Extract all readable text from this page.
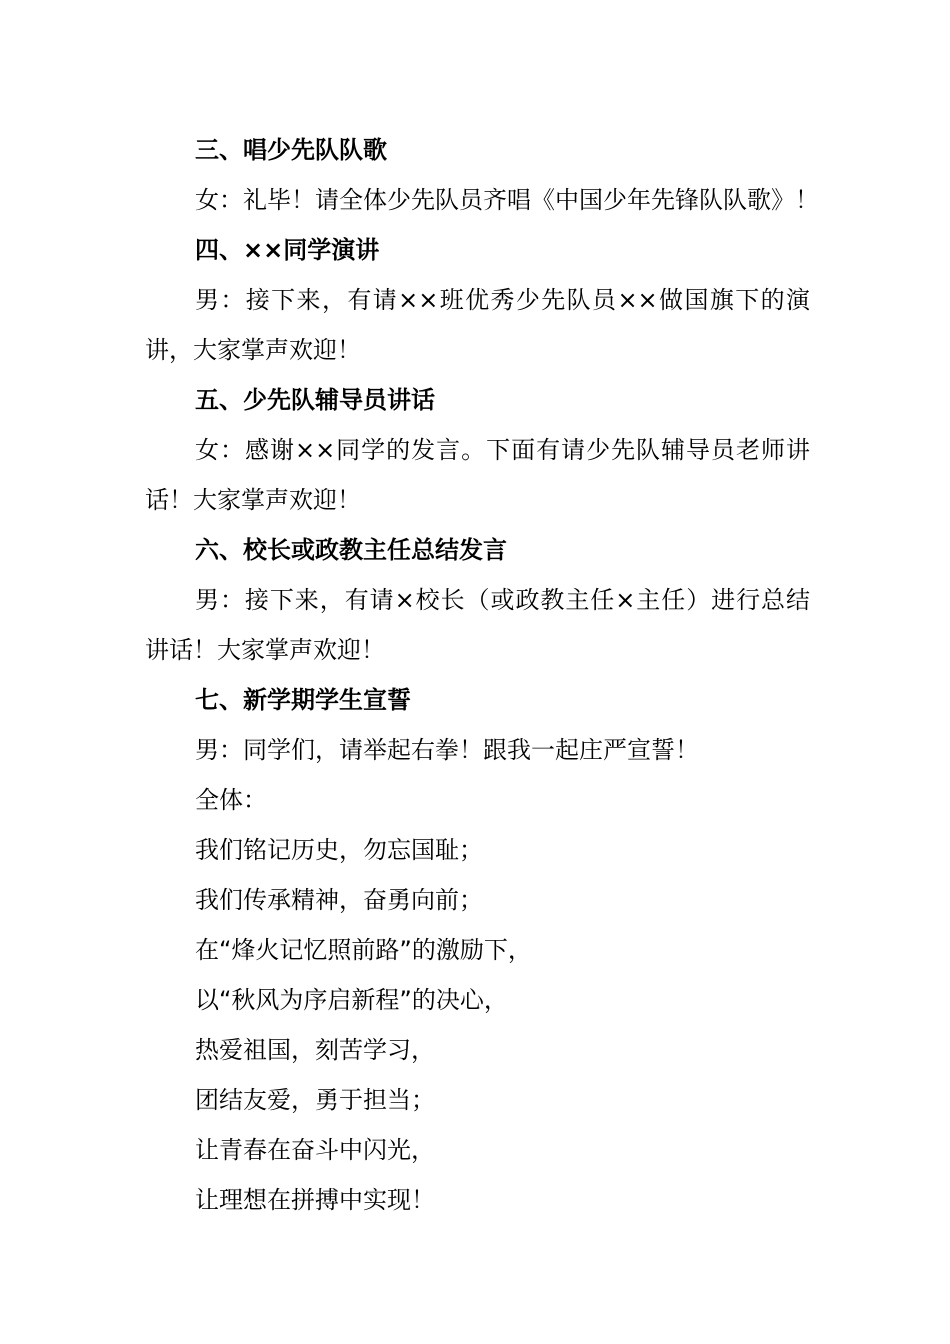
三、唱少先队队歌
女：礼毕！请全体少先队员齐唱《中国少年先锋队队歌》！
四、××同学演讲
男：接下来，有请××班优秀少先队员××做国旗下的演讲，大家掌声欢迎！
五、少先队辅导员讲话
女：感谢××同学的发言。下面有请少先队辅导员老师讲话！大家掌声欢迎！
六、校长或政教主任总结发言
男：接下来，有请×校长（或政教主任×主任）进行总结讲话！大家掌声欢迎！
七、新学期学生宣誓
男：同学们，请举起右拳！跟我一起庄严宣誓！
全体：
我们铭记历史，勿忘国耻；
我们传承精神，奋勇向前；
在“烽火记忆照前路”的激励下，
以“秋风为序启新程”的决心，
热爱祖国，刻苦学习，
团结友爱，勇于担当；
让青春在奋斗中闪光，
让理想在拼搏中实现！
